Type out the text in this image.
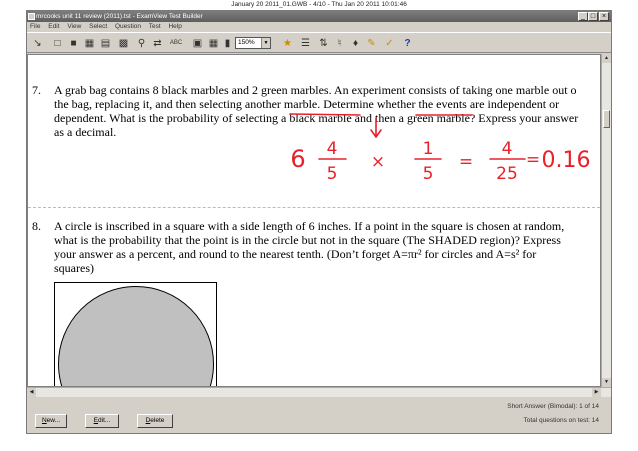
January 20 2011_01.GWB - 4/10 - Thu Jan 20 2011 10:01:46
mrcooks unit 11 review (2011).tst - ExamView Test Builder	_ □ ×
File Edit View Select Question Test Help
↘	□ ■ ▦ ▤ ▩ ⚲ ⇄	ABC ▣ ▦ ▮	150%	▼ ★ ☰ ⇅	♮	♦ ✎ ✓	?
7. A grab bag contains 8 black marbles and 2 green marbles. An experiment consists of taking one marble out o
the bag, replacing it, and then selecting another marble. Determine whether the events are independent or
dependent. What is the probability of selecting a black marble and then a green marble? Express your answer
as a decimal.
8. A circle is inscribed in a square with a side length of 6 inches. If a point in the square is chosen at random,
what is the probability that the point is in the circle but not in the square (The SHADED region)? Express
your answer as a percent, and round to the nearest tenth. (Don’t forget A=πr² for circles and A=s² for
squares)
6 4
5
×
1
5
=
4
25
= 0.16
▲
▼
◀	▶
Short Answer (Bimodal): 1 of 14
Total questions on test: 14
New...	Edit...	Delete
